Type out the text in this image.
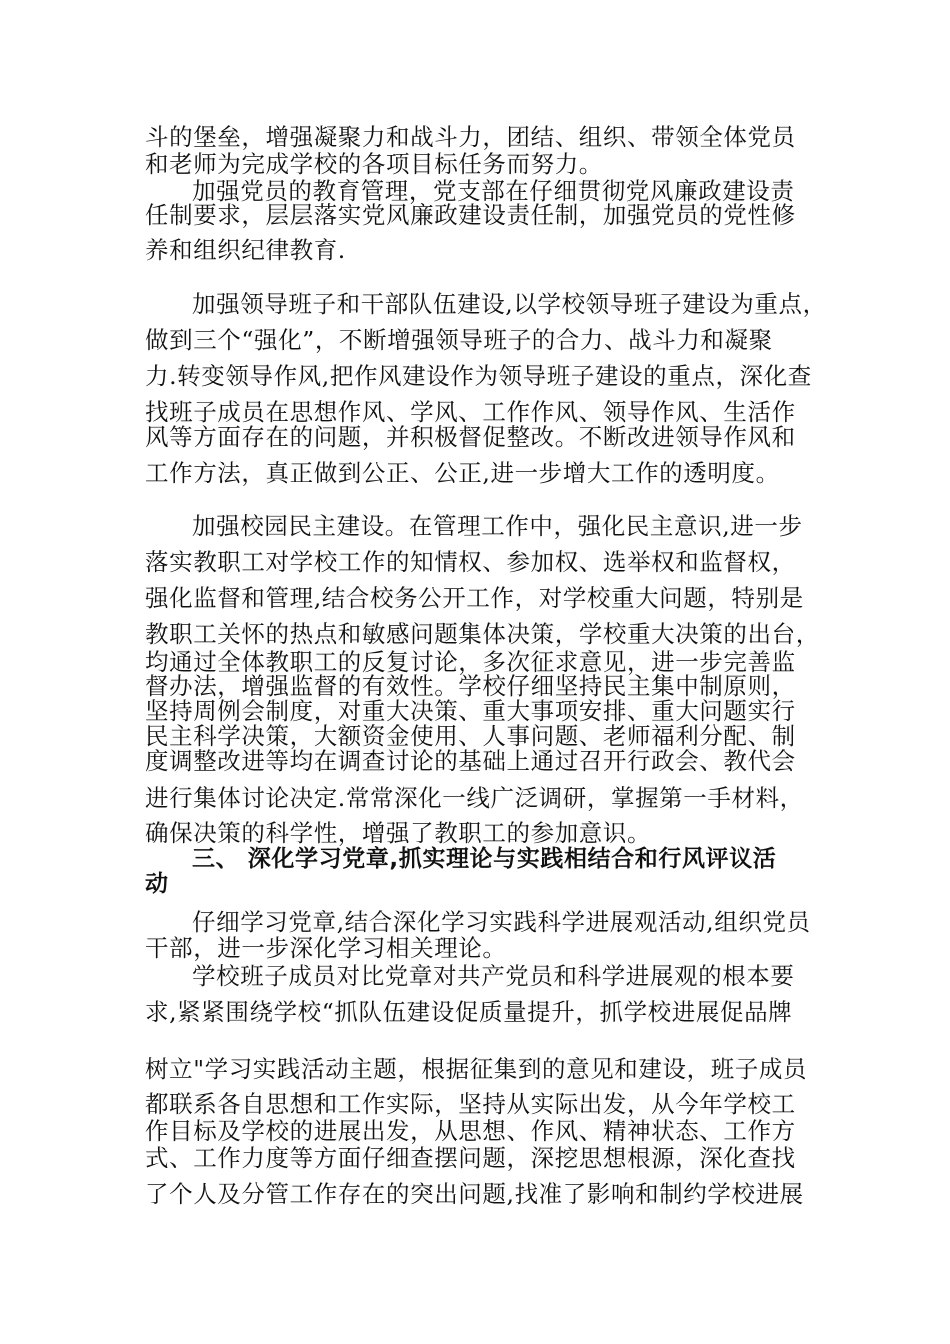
斗的堡垒，增强凝聚力和战斗力，团结、组织、带领全体党员
和老师为完成学校的各项目标任务而努力。
加强党员的教育管理，党支部在仔细贯彻党风廉政建设责
任制要求，层层落实党风廉政建设责任制，加强党员的党性修
养和组织纪律教育.
加强领导班子和干部队伍建设,以学校领导班子建设为重点，
做到三个“强化”，不断增强领导班子的合力、战斗力和凝聚
力.转变领导作风,把作风建设作为领导班子建设的重点，深化查
找班子成员在思想作风、学风、工作作风、领导作风、生活作
风等方面存在的问题，并积极督促整改。不断改进领导作风和
工作方法，真正做到公正、公正,进一步增大工作的透明度。
加强校园民主建设。在管理工作中，强化民主意识,进一步
落实教职工对学校工作的知情权、参加权、选举权和监督权，
强化监督和管理,结合校务公开工作，对学校重大问题，特别是
教职工关怀的热点和敏感问题集体决策，学校重大决策的出台，
均通过全体教职工的反复讨论，多次征求意见，进一步完善监
督办法，增强监督的有效性。学校仔细坚持民主集中制原则，
坚持周例会制度，对重大决策、重大事项安排、重大问题实行
民主科学决策，大额资金使用、人事问题、老师福利分配、制
度调整改进等均在调查讨论的基础上通过召开行政会、教代会
进行集体讨论决定.常常深化一线广泛调研，掌握第一手材料，
确保决策的科学性，增强了教职工的参加意识。
三、 深化学习党章,抓实理论与实践相结合和行风评议活
动
仔细学习党章,结合深化学习实践科学进展观活动,组织党员
干部，进一步深化学习相关理论。
学校班子成员对比党章对共产党员和科学进展观的根本要
求,紧紧围绕学校“抓队伍建设促质量提升，抓学校进展促品牌
树立"学习实践活动主题，根据征集到的意见和建设，班子成员
都联系各自思想和工作实际，坚持从实际出发，从今年学校工
作目标及学校的进展出发，从思想、作风、精神状态、工作方
式、工作力度等方面仔细查摆问题，深挖思想根源，深化查找
了个人及分管工作存在的突出问题,找准了影响和制约学校进展
